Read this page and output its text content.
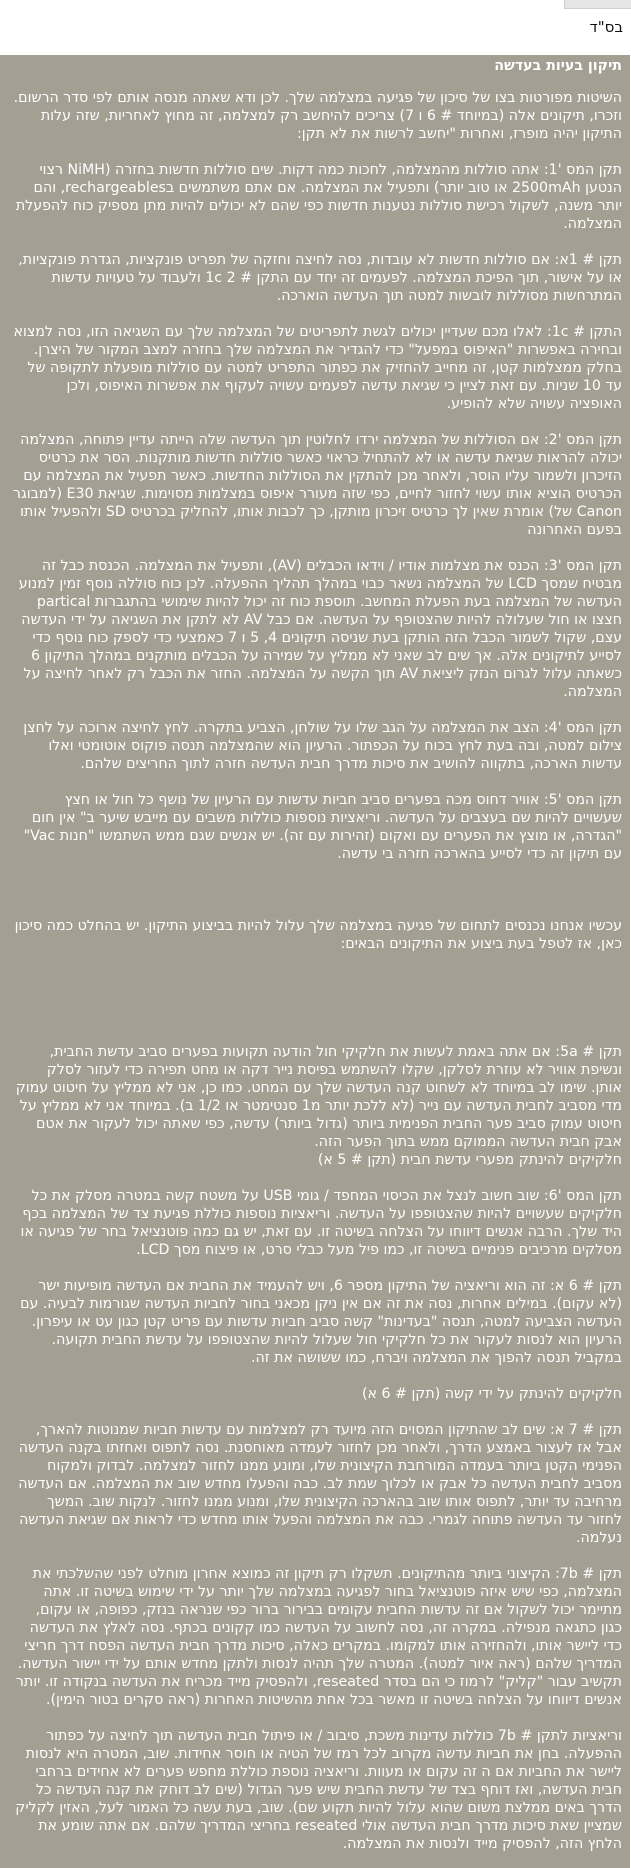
בס"ד
תיקון בעיות בעדשה

השיטות מפורטות בצו של סיכון של פגיעה במצלמה שלך. לכן ודא שאתה מנסה אותם לפי סדר הרשום. וזכרו, תיקונים אלה (במיוחד # 6 ו 7) צריכים להיחשב רק למצלמה, זה מחוץ לאחריות, שזה עלות התיקון יהיה מופרז, ואחרות "יחשב לרשות את לא תקן:

תקן המס '1: אתה סוללות מהמצלמה, לחכות כמה דקות. שים סוללות חדשות בחזרה (NiMH רצוי הנטען 2500mAh או טוב יותר) ותפעיל את המצלמה. אם אתם משתמשים בrechargeables, והם יותר משנה, לשקול רכישת סוללות נטענות חדשות כפי שהם לא יכולים להיות מתן מספיק כוח להפעלת המצלמה.

תקן # 1א: אם סוללות חדשות לא עובדות, נסה לחיצה וחזקה של תפריט פונקציות, הגדרת פונקציות, או על אישור, תוך הפיכת המצלמה. לפעמים זה יחד עם התקן # 2 1c ולעבוד על טעויות עדשות המתרחשות מסוללות לובשות למטה תוך העדשה הוארכה.

התקן # 1c: לאלו מכם שעדיין יכולים לגשת לתפריטים של המצלמה שלך עם השגיאה הזו, נסה למצוא ובחירה באפשרות "האיפוס במפעל" כדי להגדיר את המצלמה שלך בחזרה למצב המקור של היצרן. בחלק ממצלמות קטן, זה מחייב להחזיק את כפתור התפריט למטה עם סוללות מופעלת לתקופה של עד 10 שניות. עם זאת לציין כי שגיאת עדשה לפעמים עשויה לעקוף את אפשרות האיפוס, ולכן האופציה עשויה שלא להופיע.

תקן המס '2: אם הסוללות של המצלמה ירדו לחלוטין תוך העדשה שלה הייתה עדיין פתוחה, המצלמה יכולה להראות שגיאת עדשה או לא להתחיל כראוי כאשר סוללות חדשות מותקנות. הסר את כרטיס הזיכרון ולשמור עליו הוסר, ולאחר מכן להתקין את הסוללות החדשות. כאשר תפעיל את המצלמה עם הכרטיס הוציא אותו עשוי לחזור לחיים, כפי שזה מעורר איפוס במצלמות מסוימות. שגיאת E30 (למבוגר Canon של) אומרת שאין לך כרטיס זיכרון מותקן, כך לכבות אותו, להחליק בכרטיס SD ולהפעיל אותו בפעם האחרונה

תקן המס '3: הכנס את מצלמות אודיו / וידאו הכבלים (AV), ותפעיל את המצלמה. הכנסת כבל זה מבטיח שמסך LCD של המצלמה נשאר כבוי במהלך תהליך ההפעלה. לכן כוח סוללה נוסף זמין למנוע העדשה של המצלמה בעת הפעלת המחשב. תוספת כוח זה יכול להיות שימושי בהתגברות partical חצצו או חול שעלולה להיות שהצטופף על העדשה. אם כבל AV לא לתקן את השגיאה על ידי העדשה עצם, שקול לשמור הכבל הזה הותקן בעת שניסה תיקונים 4, 5 ו 7 כאמצעי כדי לספק כוח נוסף כדי לסייע לתיקונים אלה. אך שים לב שאני לא ממליץ על שמירה על הכבלים מותקנים במהלך התיקון 6 כשאתה עלול לגרום הנזק ליציאת AV תוך הקשה על המצלמה. החזר את הכבל רק לאחר לחיצה על המצלמה.

תקן המס '4: הצב את המצלמה על הגב שלו על שולחן, הצביע בתקרה. לחץ לחיצה ארוכה על לחצן צילום למטה, ובה בעת לחץ בכוח על הכפתור. הרעיון הוא שהמצלמה תנסה פוקוס אוטומטי ואלו עדשות הארכה, בתקווה להושיב את סיכות מדרך חבית העדשה חזרה לתוך החריצים שלהם.

תקן המס '5: אוויר דחוס מכה בפערים סביב חביות עדשות עם הרעיון של נושף כל חול או חצץ שעשויים להיות שם בעצבים על העדשה. וריאציות נוספות כוללות משבים עם מייבש שיער ב" אין חום "הגדרה, או מוצץ את הפערים עם ואקום (זהירות עם זה). יש אנשים שגם ממש השתמשו "חנות Vac" עם תיקון זה כדי לסייע בהארכה חזרה בי עדשה.

עכשיו אנחנו נכנסים לתחום של פגיעה במצלמה שלך עלול להיות בביצוע התיקון. יש בהחלט כמה סיכון כאן, אז לטפל בעת ביצוע את התיקונים הבאים:

תקן # 5a: אם אתה באמת לעשות את חלקיקי חול הודעה תקועות בפערים סביב עדשת החבית, ונשיפת אוויר לא עוזרת לסלקן, שקלו להשתמש בפיסת נייר דקה או מחט תפירה כדי לעזור לסלק אותן. שימו לב במיוחד לא לשחוט קנה העדשה שלך עם המחט. כמו כן, אני לא ממליץ על חיטוט עמוק מדי מסביב לחבית העדשה עם נייר (לא ללכת יותר מ1 סנטימטר או 1/2 ב). במיוחד אני לא ממליץ על חיטוט עמוק סביב פער החבית הפנימית ביותר (גדול ביותר) עדשה, כפי שאתה יכול לעקור את אטם אבק חבית העדשה הממוקם ממש בתוך הפער הזה.
חלקיקים להינתק מפערי עדשת חבית (תקן # 5 א)

תקן המס '6: שוב חשוב לנצל את הכיסוי המחפד / גומי USB על משטח קשה במטרה מסלק את כל חלקיקים שעשויים להיות שהצטופפו על העדשה. וריאציות נוספות כוללת פגיעת צד של המצלמה בכף היד שלך. הרבה אנשים דיווחו על הצלחה בשיטה זו. עם זאת, יש גם כמה פוטנציאל בחר של פגיעה או מסלקים מרכיבים פנימיים בשיטה זו, כמו פיל מעל כבלי סרט, או פיצוח מסך LCD.

תקן # 6 א: זה הוא וריאציה של התיקון מספר 6, ויש להעמיד את החבית אם העדשה מופיעות ישר (לא עקום). במילים אחרות, נסה את זה אם אין ניקן מכאני בחור לחביות העדשה שגורמות לבעיה. עם העדשה הצביעה למטה, תנסה "בעדינות" קשה סביב חביות עדשות עם פריט קטן כגון עט או עיפרון. הרעיון הוא לנסות לעקור את כל חלקיקי חול שעלול להיות שהצטופפו על עדשת החבית תקועה. במקביל תנסה להפוך את המצלמה ויברח, כמו ששושה את זה.

חלקיקים להינתק על ידי קשה (תקן # 6 א)

תקן # 7 א: שים לב שהתיקון המסוים הזה מיועד רק למצלמות עם עדשות חביות שמנוטות להארך, אבל אז לעצור באמצע הדרך, ולאחר מכן לחזור לעמדה מאוחסנת. נסה לתפוס ואחזתו בקנה העדשה הפנימי הקטן ביותר בעמדה המורחבת הקיצונית שלו, ומונע ממנו לחזור למצלמה. לבדוק ולמקוח מסביב לחבית העדשה כל אבק או לכלוך שמת לב. כבה והפעלו מחדש שוב את המצלמה. אם העדשה מרחיבה עד יותר, לתפוס אותו שוב בהארכה הקיצונית שלו, ומנוע ממנו לחזור. לנקות שוב. המשך לחזור עד העדשה פתוחה לגמרי. כבה את המצלמה והפעל אותו מחדש כדי לראות אם שגיאת העדשה נעלמה.

תקן # 7b: הקיצוני ביותר מהתיקונים. תשקלו רק תיקון זה כמוצא אחרון מוחלט לפני שהשלכתי את המצלמה, כפי שיש איזה פוטנציאל בחור לפגיעה במצלמה שלך יותר על ידי שימוש בשיטה זו. אתה מתיימר יכול לשקול אם זה עדשות החבית עקומים בבירור ברור כפי שנראה בנזק, כפופה, או עקום, כגון כתגאה מנפילה. במקרה זה, נסה לחשוב על העדשה כמו קקונים בכתף. נסה לאלץ את העדשה כדי ליישר אותו, ולהחזירה אותו למקומו. במקרים כאלה, סיכות מדרך חבית העדשה הפסח דרך חריצי המדריך שלהם (ראה איור למטה). המטרה שלך תהיה לנסות ולתקן מחדש אותם על ידי יישור העדשה. תקשיב עבור "קליק" לרמוז כי הם בסדר reseated, ולהפסיק מייד מכריח את העדשה בנקודה זו. יותר אנשים דיווחו על הצלחה בשיטה זו מאשר בכל אחת מהשיטות האחרות (ראה סקרים בטור הימין).

וריאציות לתקן # 7b כוללות עדינות משכת, סיבוב / או פיתול חבית העדשה תוך לחיצה על כפתור ההפעלה. בחן את חביות עדשה מקרוב לכל רמז של הטיה או חוסר אחידות. שוב, המטרה היא לנסות ליישר את החביות אם ה זה עקום או מעוות. וריאציה נוספת כוללת מחפש פערים לא אחידים ברחבי חבית העדשה, ואז דוחף בצד של עדשת החבית שיש פער הגדול (שים לב דוחק את קנה העדשה כל הדרך באים ממלצת משום שהוא עלול להיות תקוע שם). שוב, בעת עשה כל האמור לעל, האזין לקליק שמציין שאת סיכות מדרך חבית העדשה אולי reseated בחריצי המדריך שלהם. אם אתה שומע את הלחץ הזה, להפסיק מייד ולנסות את המצלמה.
